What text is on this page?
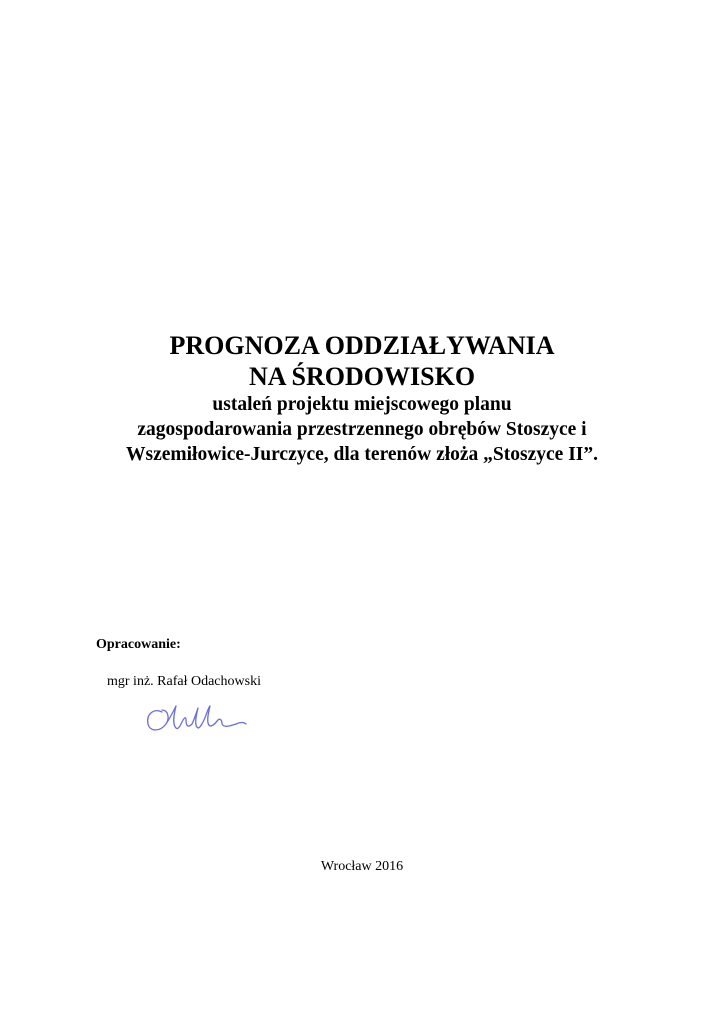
PROGNOZA ODDZIAŁYWANIA
NA ŚRODOWISKO
ustaleń projektu miejscowego planu
zagospodarowania przestrzennego obrębów Stoszyce i
Wszemiłowice-Jurczyce, dla terenów złoża „Stoszyce II”.
Opracowanie:
mgr inż. Rafał Odachowski
Wrocław 2016
